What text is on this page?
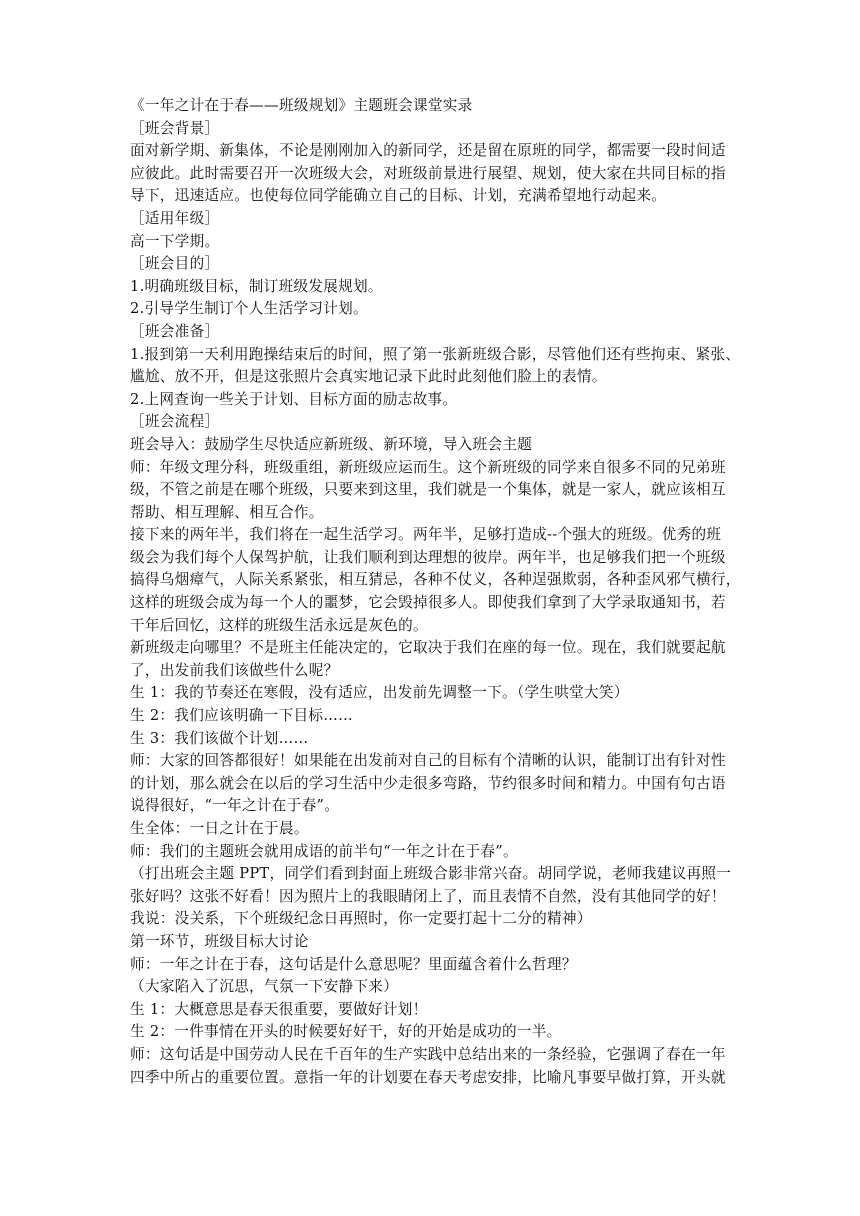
《一年之计在于春——班级规划》主题班会课堂实录
［班会背景］
面对新学期、新集体，不论是刚刚加入的新同学，还是留在原班的同学，都需要一段时间适
应彼此。此时需要召开一次班级大会，对班级前景进行展望、规划，使大家在共同目标的指
导下，迅速适应。也使每位同学能确立自己的目标、计划，充满希望地行动起来。
［适用年级］
高一下学期。
［班会目的］
1.明确班级目标，制订班级发展规划。
2.引导学生制订个人生活学习计划。
［班会准备］
1.报到第一天利用跑操结束后的时间，照了第一张新班级合影，尽管他们还有些拘束、紧张、
尴尬、放不开，但是这张照片会真实地记录下此时此刻他们脸上的表情。
2.上网查询一些关于计划、目标方面的励志故事。
［班会流程］
班会导入：鼓励学生尽快适应新班级、新环境，导入班会主题
师：年级文理分科，班级重组，新班级应运而生。这个新班级的同学来自很多不同的兄弟班
级，不管之前是在哪个班级，只要来到这里，我们就是一个集体，就是一家人，就应该相互
帮助、相互理解、相互合作。
接下来的两年半，我们将在一起生活学习。两年半，足够打造成--个强大的班级。优秀的班
级会为我们每个人保驾护航，让我们顺利到达理想的彼岸。两年半，也足够我们把一个班级
搞得乌烟瘴气，人际关系紧张，相互猜忌，各种不仗义，各种逞强欺弱，各种歪风邪气横行，
这样的班级会成为每一个人的噩梦，它会毁掉很多人。即使我们拿到了大学录取通知书，若
干年后回忆，这样的班级生活永远是灰色的。
新班级走向哪里？不是班主任能决定的，它取决于我们在座的每一位。现在，我们就要起航
了，出发前我们该做些什么呢？
生 1：我的节奏还在寒假，没有适应，出发前先调整一下。（学生哄堂大笑）
生 2：我们应该明确一下目标……
生 3：我们该做个计划……
师：大家的回答都很好！如果能在出发前对自己的目标有个清晰的认识，能制订出有针对性
的计划，那么就会在以后的学习生活中少走很多弯路，节约很多时间和精力。中国有句古语
说得很好，“一年之计在于春”。
生全体：一日之计在于晨。
师：我们的主题班会就用成语的前半句“一年之计在于春”。
（打出班会主题 PPT，同学们看到封面上班级合影非常兴奋。胡同学说，老师我建议再照一
张好吗？这张不好看！因为照片上的我眼睛闭上了，而且表情不自然，没有其他同学的好！
我说：没关系，下个班级纪念日再照时，你一定要打起十二分的精神）
第一环节，班级目标大讨论
师：一年之计在于春，这句话是什么意思呢？里面蕴含着什么哲理？
（大家陷入了沉思，气氛一下安静下来）
生 1：大概意思是春天很重要，要做好计划！
生 2：一件事情在开头的时候要好好干，好的开始是成功的一半。
师：这句话是中国劳动人民在千百年的生产实践中总结出来的一条经验，它强调了春在一年
四季中所占的重要位置。意指一年的计划要在春天考虑安排，比喻凡事要早做打算，开头就
